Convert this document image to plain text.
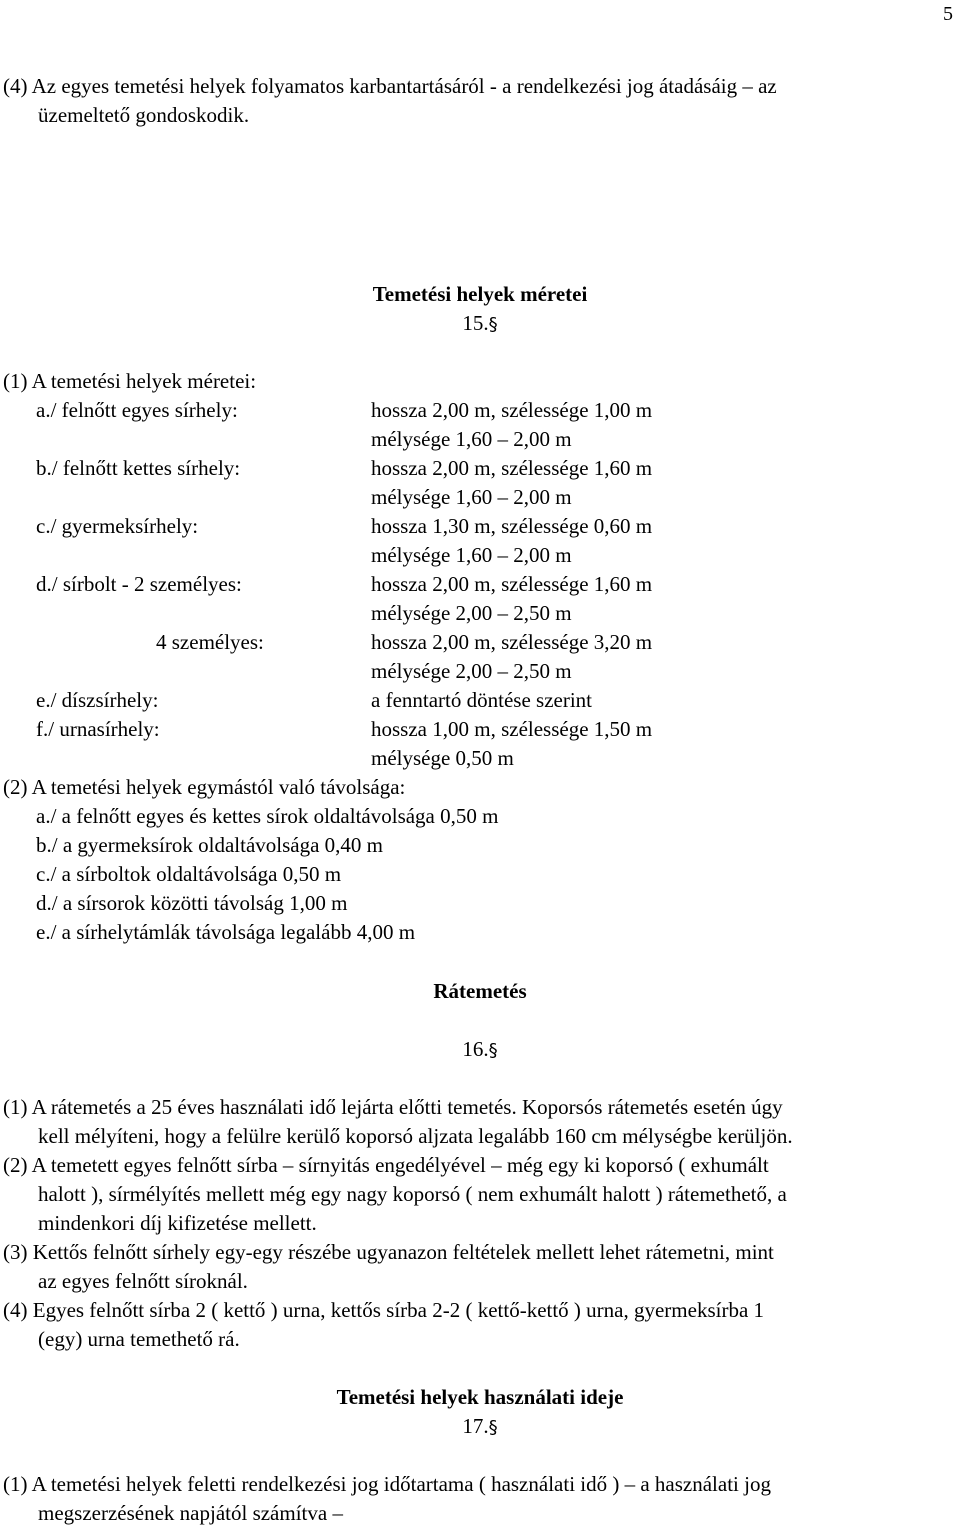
5
(4) Az egyes temetési helyek folyamatos karbantartásáról - a rendelkezési jog átadásáig – az
üzemeltető gondoskodik.
Temetési helyek méretei
15.§
(1) A temetési helyek méretei:
a./ felnőtt egyes sírhely:	hossza 2,00 m, szélessége 1,00 m
mélysége 1,60 – 2,00 m
b./ felnőtt kettes sírhely:	hossza 2,00 m, szélessége 1,60 m
mélysége 1,60 – 2,00 m
c./ gyermeksírhely:	hossza 1,30 m, szélessége 0,60 m
mélysége 1,60 – 2,00 m
d./ sírbolt - 2 személyes:	hossza 2,00 m, szélessége 1,60 m
mélysége 2,00 – 2,50 m
4 személyes:	hossza 2,00 m, szélessége 3,20 m
mélysége 2,00 – 2,50 m
e./ díszsírhely:	a fenntartó döntése szerint
f./ urnasírhely:	hossza 1,00 m, szélessége 1,50 m
mélysége 0,50 m
(2) A temetési helyek egymástól való távolsága:
a./ a felnőtt egyes és kettes sírok oldaltávolsága 0,50 m
b./ a gyermeksírok oldaltávolsága 0,40 m
c./ a sírboltok oldaltávolsága 0,50 m
d./ a sírsorok közötti távolság 1,00 m
e./ a sírhelytámlák távolsága legalább 4,00 m
Rátemetés
16.§
(1) A rátemetés a 25 éves használati idő lejárta előtti temetés. Koporsós rátemetés esetén úgy
kell mélyíteni, hogy a felülre kerülő koporsó aljzata legalább 160 cm mélységbe kerüljön.
(2) A temetett egyes felnőtt sírba – sírnyitás engedélyével – még egy ki koporsó ( exhumált
halott ), sírmélyítés mellett még egy nagy koporsó ( nem exhumált halott ) rátemethető, a
mindenkori díj kifizetése mellett.
(3) Kettős felnőtt sírhely egy-egy részébe ugyanazon feltételek mellett lehet rátemetni, mint
az egyes felnőtt síroknál.
(4) Egyes felnőtt sírba 2 ( kettő ) urna, kettős sírba 2-2 ( kettő-kettő ) urna, gyermeksírba 1
(egy) urna temethető rá.
Temetési helyek használati ideje
17.§
(1) A temetési helyek feletti rendelkezési jog időtartama ( használati idő ) – a használati jog
megszerzésének napjától számítva –
